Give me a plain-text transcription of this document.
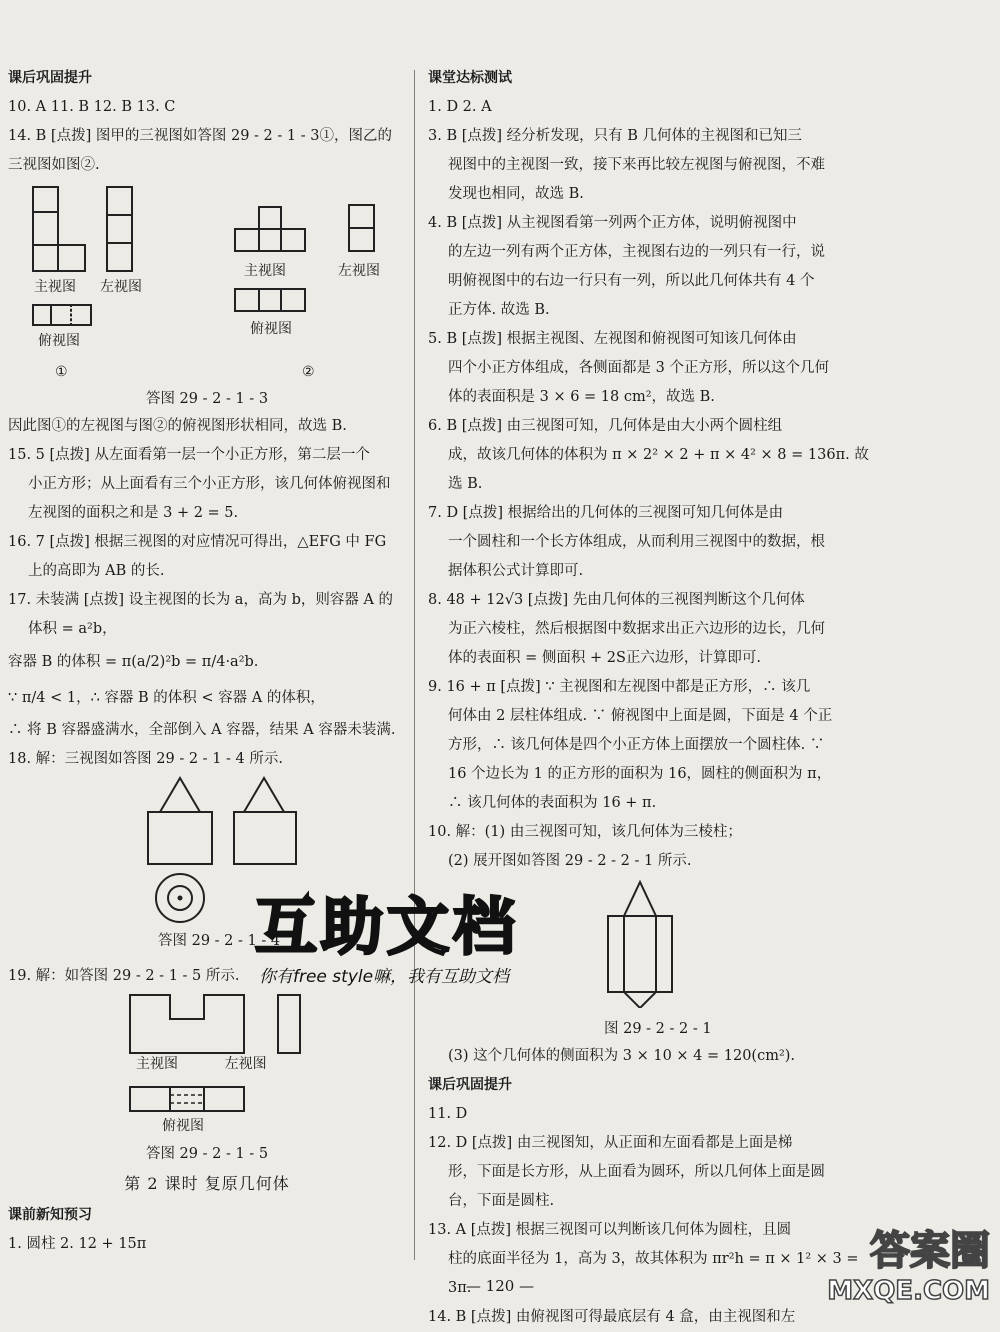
课后巩固提升
10. A 11. B 12. B 13. C
14. B [点拨] 图甲的三视图如答图 29 - 2 - 1 - 3①，图乙的
三视图如图②.
主视图 左视图
俯视图
①
主视图	左视图
俯视图
②
答图 29 - 2 - 1 - 3
因此图①的左视图与图②的俯视图形状相同，故选 B.
15. 5 [点拨] 从左面看第一层一个小正方形，第二层一个
小正方形；从上面看有三个小正方形，该几何体俯视图和
左视图的面积之和是 3 + 2 = 5.
16. 7 [点拨] 根据三视图的对应情况可得出，△EFG 中 FG
上的高即为 AB 的长.
17. 未装满 [点拨] 设主视图的长为 a，高为 b，则容器 A 的
体积 = a²b，
容器 B 的体积 = π(a/2)²b = π/4·a²b.
∵ π/4 < 1，∴ 容器 B 的体积 < 容器 A 的体积，
∴ 将 B 容器盛满水，全部倒入 A 容器，结果 A 容器未装满.
18. 解：三视图如答图 29 - 2 - 1 - 4 所示.
答图 29 - 2 - 1 - 4
19. 解：如答图 29 - 2 - 1 - 5 所示.
主视图	左视图
俯视图
答图 29 - 2 - 1 - 5
第 2 课时 复原几何体
课前新知预习
1. 圆柱 2. 12 + 15π
课堂达标测试
1. D 2. A
3. B [点拨] 经分析发现，只有 B 几何体的主视图和已知三
视图中的主视图一致，接下来再比较左视图与俯视图，不难
发现也相同，故选 B.
4. B [点拨] 从主视图看第一列两个正方体，说明俯视图中
的左边一列有两个正方体，主视图右边的一列只有一行，说
明俯视图中的右边一行只有一列，所以此几何体共有 4 个
正方体. 故选 B.
5. B [点拨] 根据主视图、左视图和俯视图可知该几何体由
四个小正方体组成，各侧面都是 3 个正方形，所以这个几何
体的表面积是 3 × 6 = 18 cm²，故选 B.
6. B [点拨] 由三视图可知，几何体是由大小两个圆柱组
成，故该几何体的体积为 π × 2² × 2 + π × 4² × 8 = 136π. 故
选 B.
7. D [点拨] 根据给出的几何体的三视图可知几何体是由
一个圆柱和一个长方体组成，从而利用三视图中的数据，根
据体积公式计算即可.
8. 48 + 12√3 [点拨] 先由几何体的三视图判断这个几何体
为正六棱柱，然后根据图中数据求出正六边形的边长，几何
体的表面积 = 侧面积 + 2S正六边形，计算即可.
9. 16 + π [点拨] ∵ 主视图和左视图中都是正方形，∴ 该几
何体由 2 层柱体组成. ∵ 俯视图中上面是圆，下面是 4 个正
方形，∴ 该几何体是四个小正方体上面摆放一个圆柱体. ∵
16 个边长为 1 的正方形的面积为 16，圆柱的侧面积为 π，
∴ 该几何体的表面积为 16 + π.
10. 解：(1) 由三视图可知，该几何体为三棱柱；
(2) 展开图如答图 29 - 2 - 2 - 1 所示.
图 29 - 2 - 2 - 1
(3) 这个几何体的侧面积为 3 × 10 × 4 = 120(cm²).
课后巩固提升
11. D
12. D [点拨] 由三视图知，从正面和左面看都是上面是梯
形，下面是长方形，从上面看为圆环，所以几何体上面是圆
台，下面是圆柱.
13. A [点拨] 根据三视图可以判断该几何体为圆柱，且圆
柱的底面半径为 1，高为 3，故其体积为 πr²h = π × 1² × 3 =
3π.
14. B [点拨] 由俯视图可得最底层有 4 盒，由主视图和左
互助文档
你有free style嘛，我有互助文档
— 120 —
答案圈
MXQE.COM
